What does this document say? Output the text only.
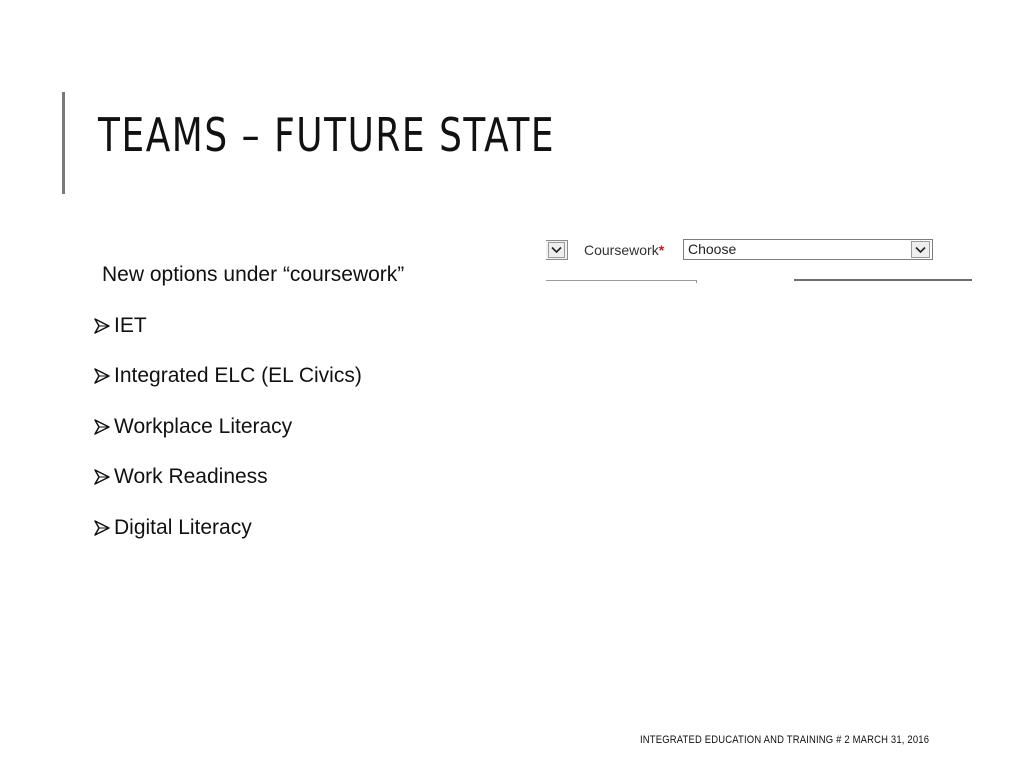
TEAMS – FUTURE STATE
New options under “coursework”
IET
Integrated ELC (EL Civics)
Workplace Literacy
Work Readiness
Digital Literacy
Coursework* Choose
INTEGRATED EDUCATION AND TRAINING # 2 MARCH 31, 2016
